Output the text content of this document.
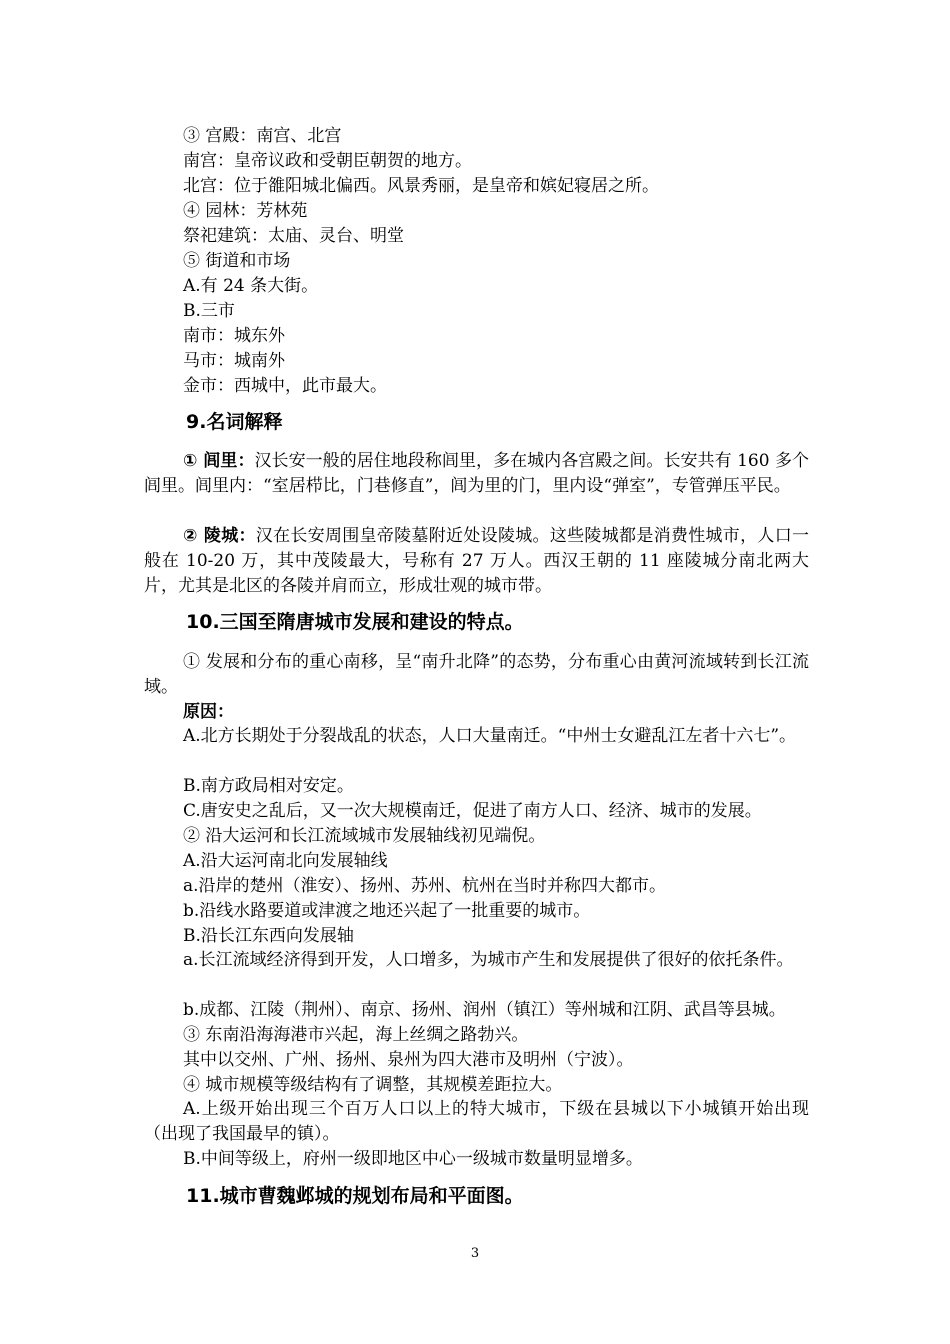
③ 宫殿：南宫、北宫
南宫：皇帝议政和受朝臣朝贺的地方。
北宫：位于雒阳城北偏西。风景秀丽，是皇帝和嫔妃寝居之所。
④ 园林：芳林苑
祭祀建筑：太庙、灵台、明堂
⑤ 街道和市场
A.有 24 条大街。
B.三市
南市：城东外
马市：城南外
金市：西城中，此市最大。
9.名词解释
① 闾里：汉长安一般的居住地段称闾里，多在城内各宫殿之间。长安共有 160 多个闾里。闾里内：“室居栉比，门巷修直”，闾为里的门，里内设“弹室”，专管弹压平民。
② 陵城：汉在长安周围皇帝陵墓附近处设陵城。这些陵城都是消费性城市，人口一般在 10-20 万，其中茂陵最大，号称有 27 万人。西汉王朝的 11 座陵城分南北两大片，尤其是北区的各陵并肩而立，形成壮观的城市带。
10.三国至隋唐城市发展和建设的特点。
① 发展和分布的重心南移，呈“南升北降”的态势，分布重心由黄河流域转到长江流域。
原因：
A.北方长期处于分裂战乱的状态，人口大量南迁。“中州士女避乱江左者十六七”。
B.南方政局相对安定。
C.唐安史之乱后，又一次大规模南迁，促进了南方人口、经济、城市的发展。
② 沿大运河和长江流域城市发展轴线初见端倪。
A.沿大运河南北向发展轴线
a.沿岸的楚州（淮安）、扬州、苏州、杭州在当时并称四大都市。
b.沿线水路要道或津渡之地还兴起了一批重要的城市。
B.沿长江东西向发展轴
a.长江流域经济得到开发，人口增多，为城市产生和发展提供了很好的依托条件。
b.成都、江陵（荆州）、南京、扬州、润州（镇江）等州城和江阴、武昌等县城。
③ 东南沿海海港市兴起，海上丝绸之路勃兴。
其中以交州、广州、扬州、泉州为四大港市及明州（宁波）。
④ 城市规模等级结构有了调整，其规模差距拉大。
A.上级开始出现三个百万人口以上的特大城市，下级在县城以下小城镇开始出现（出现了我国最早的镇）。
B.中间等级上，府州一级即地区中心一级城市数量明显增多。
11.城市曹魏邺城的规划布局和平面图。
3
